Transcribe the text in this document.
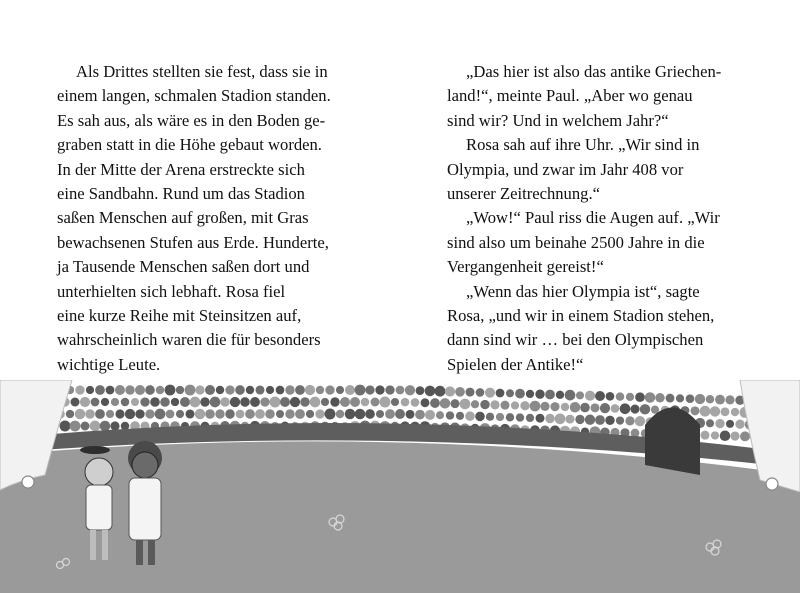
Als Drittes stellten sie fest, dass sie in
einem langen, schmalen Stadion standen.
Es sah aus, als wäre es in den Boden ge-
graben statt in die Höhe gebaut worden.
In der Mitte der Arena erstreckte sich
eine Sandbahn. Rund um das Stadion
saßen Menschen auf großen, mit Gras
bewachsenen Stufen aus Erde. Hunderte,
ja Tausende Menschen saßen dort und
unterhielten sich lebhaft. Rosa fiel
eine kurze Reihe mit Steinsitzen auf,
wahrscheinlich waren die für besonders
wichtige Leute.

„Das hier ist also das antike Griechen-
land!“, meinte Paul. „Aber wo genau
sind wir? Und in welchem Jahr?“

Rosa sah auf ihre Uhr. „Wir sind in
Olympia, und zwar im Jahr 408 vor
unserer Zeitrechnung.“

„Wow!“ Paul riss die Augen auf. „Wir
sind also um beinahe 2500 Jahre in die
Vergangenheit gereist!“

„Wenn das hier Olympia ist“, sagte
Rosa, „und wir in einem Stadion stehen,
dann sind wir … bei den Olympischen
Spielen der Antike!“
